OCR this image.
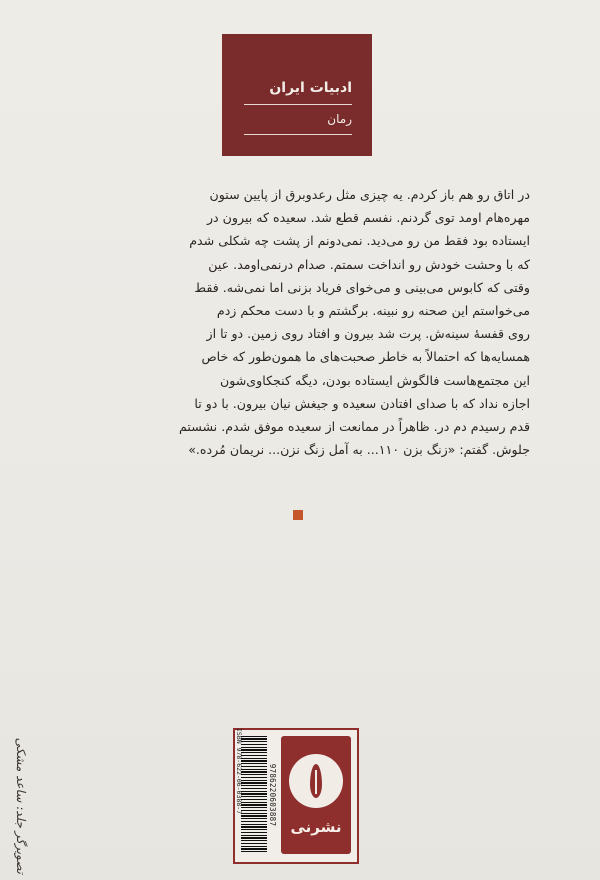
ادبیات ایران
رمان

در اتاق رو هم باز کردم. یه چیزی مثل رعدوبرق از پایین ستون

مهره‌هام اومد توی گردنم. نفسم قطع شد. سعیده که بیرون در

ایستاده بود فقط من رو می‌دید. نمی‌دونم از پشت چه شکلی شدم

که با وحشت خودش رو انداخت سمتم. صدام درنمی‌اومد. عین

وقتی که کابوس می‌بینی و می‌خوای فریاد بزنی اما نمی‌شه. فقط

می‌خواستم این صحنه رو نبینه. برگشتم و با دست محکم زدم

روی قفسهٔ سینه‌ش. پرت شد بیرون و افتاد روی زمین. دو تا از

همسایه‌ها که احتمالاً به خاطر صحبت‌های ما همون‌طور که خاص

این مجتمع‌هاست فالگوش ایستاده بودن، دیگه کنجکاوی‌شون

اجازه نداد که با صدای افتادن سعیده و جیغش نیان بیرون. با دو تا

قدم رسیدم دم در. ظاهراً در ممانعت از سعیده موفق شدم. نشستم

جلوش. گفتم: «زنگ بزن ۱۱۰... به آمل زنگ نزن... نریمان مُرده.»

9786220603887
نشرنی
ISBN 978-622-06-0388-7
تصویرگر جلد: ساعد مشکی
